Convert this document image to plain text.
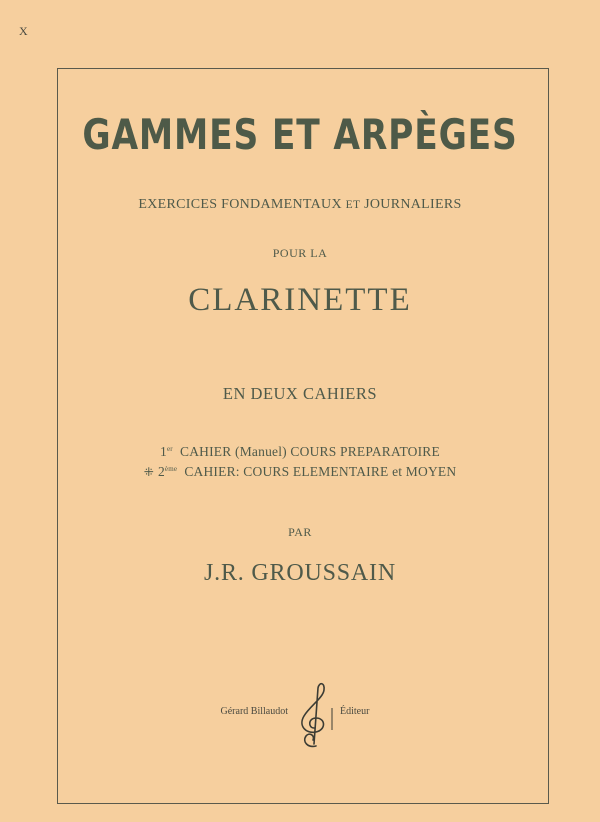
X
GAMMES ET ARPÈGES
EXERCICES FONDAMENTAUX ET JOURNALIERS
POUR LA
CLARINETTE
EN DEUX CAHIERS
1er CAHIER (Manuel) COURS PREPARATOIRE
⁜ 2ème CAHIER: COURS ELEMENTAIRE et MOYEN
PAR
J.R. GROUSSAIN
Gérard Billaudot	Éditeur
